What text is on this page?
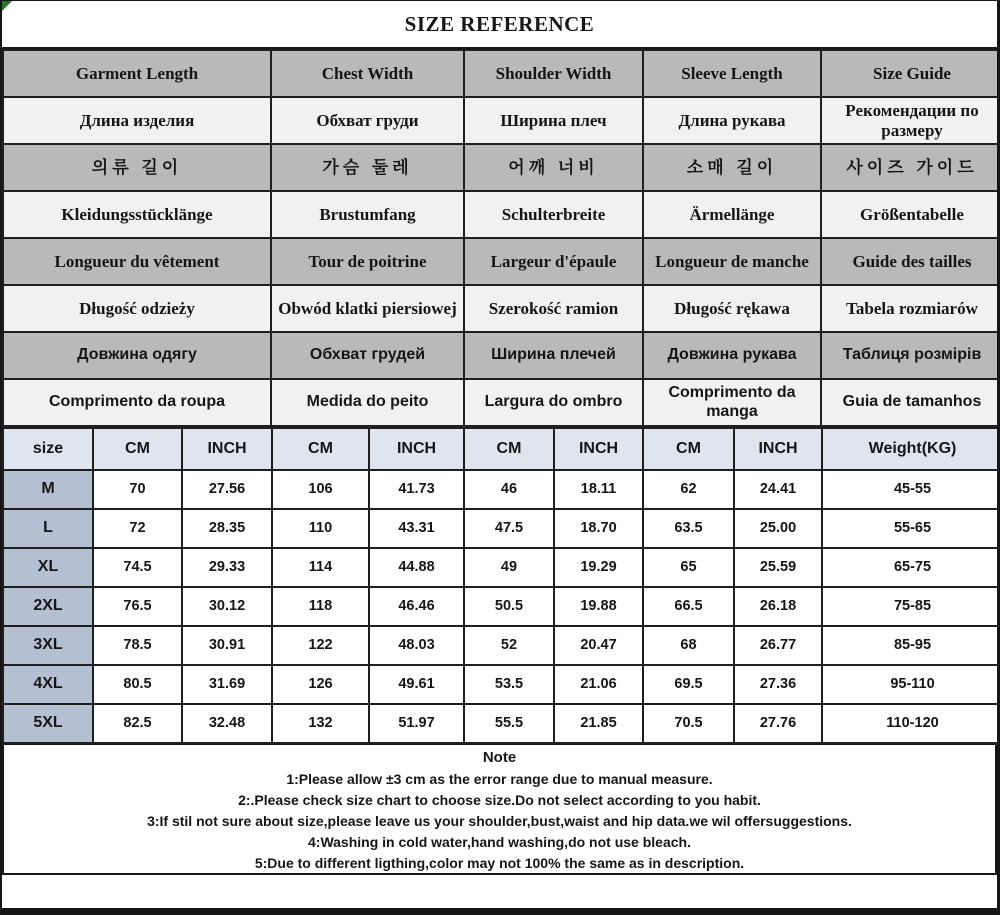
SIZE REFERENCE
Garment Length	Chest Width	Shoulder Width	Sleeve Length	Size Guide
Длина изделия	Обхват груди	Ширина плеч	Длина рукава	Рекомендации по размеру
의류 길이	가슴 둘레	어깨 너비	소매 길이	사이즈 가이드
Kleidungsstücklänge	Brustumfang	Schulterbreite	Ärmellänge	Größentabelle
Longueur du vêtement	Tour de poitrine	Largeur d'épaule	Longueur de manche	Guide des tailles
Długość odzieży	Obwód klatki piersiowej	Szerokość ramion	Długość rękawa	Tabela rozmiarów
Довжина одягу	Обхват грудей	Ширина плечей	Довжина рукава	Таблиця розмірів
Comprimento da roupa	Medida do peito	Largura do ombro	Comprimento da manga	Guia de tamanhos
size	CM	INCH	CM	INCH	CM	INCH	CM	INCH	Weight(KG)
M	70	27.56	106	41.73	46	18.11	62	24.41	45-55
L	72	28.35	110	43.31	47.5	18.70	63.5	25.00	55-65
XL	74.5	29.33	114	44.88	49	19.29	65	25.59	65-75
2XL	76.5	30.12	118	46.46	50.5	19.88	66.5	26.18	75-85
3XL	78.5	30.91	122	48.03	52	20.47	68	26.77	85-95
4XL	80.5	31.69	126	49.61	53.5	21.06	69.5	27.36	95-110
5XL	82.5	32.48	132	51.97	55.5	21.85	70.5	27.76	110-120
Note
1:Please allow ±3 cm as the error range due to manual measure.
2:.Please check size chart to choose size.Do not select according to you habit.
3:If stil not sure about size,please leave us your shoulder,bust,waist and hip data.we wil offersuggestions.
4:Washing in cold water,hand washing,do not use bleach.
5:Due to different ligthing,color may not 100% the same as in description.
